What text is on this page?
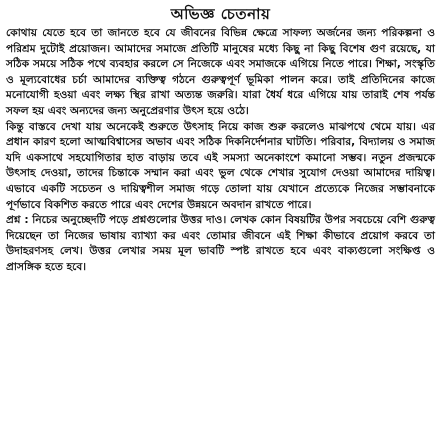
অভিজ্ঞ চেতনায়

কোথায় যেতে হবে তা জানতে হবে যে জীবনের বিভিন্ন ক্ষেত্রে সাফল্য অর্জনের জন্য পরিকল্পনা ও পরিশ্রম দুটোই প্রয়োজন। আমাদের সমাজে প্রতিটি মানুষের মধ্যে কিছু না কিছু বিশেষ গুণ রয়েছে, যা সঠিক সময়ে সঠিক পথে ব্যবহার করলে সে নিজেকে এবং সমাজকে এগিয়ে নিতে পারে। শিক্ষা, সংস্কৃতি ও মূল্যবোধের চর্চা আমাদের ব্যক্তিত্ব গঠনে গুরুত্বপূর্ণ ভূমিকা পালন করে। তাই প্রতিদিনের কাজে মনোযোগী হওয়া এবং লক্ষ্য স্থির রাখা অত্যন্ত জরুরি। যারা ধৈর্য ধরে এগিয়ে যায় তারাই শেষ পর্যন্ত সফল হয় এবং অন্যদের জন্য অনুপ্রেরণার উৎস হয়ে ওঠে।

কিন্তু বাস্তবে দেখা যায় অনেকেই শুরুতে উৎসাহ নিয়ে কাজ শুরু করলেও মাঝপথে থেমে যায়। এর প্রধান কারণ হলো আত্মবিশ্বাসের অভাব এবং সঠিক দিকনির্দেশনার ঘাটতি। পরিবার, বিদ্যালয় ও সমাজ যদি একসাথে সহযোগিতার হাত বাড়ায় তবে এই সমস্যা অনেকাংশে কমানো সম্ভব। নতুন প্রজন্মকে উৎসাহ দেওয়া, তাদের চিন্তাকে সম্মান করা এবং ভুল থেকে শেখার সুযোগ দেওয়া আমাদের দায়িত্ব। এভাবে একটি সচেতন ও দায়িত্বশীল সমাজ গড়ে তোলা যায় যেখানে প্রত্যেকে নিজের সম্ভাবনাকে পূর্ণভাবে বিকশিত করতে পারে এবং দেশের উন্নয়নে অবদান রাখতে পারে।

প্রশ্ন : নিচের অনুচ্ছেদটি পড়ে প্রশ্নগুলোর উত্তর দাও। লেখক কোন বিষয়টির উপর সবচেয়ে বেশি গুরুত্ব দিয়েছেন তা নিজের ভাষায় ব্যাখ্যা কর এবং তোমার জীবনে এই শিক্ষা কীভাবে প্রয়োগ করবে তা উদাহরণসহ লেখ। উত্তর লেখার সময় মূল ভাবটি স্পষ্ট রাখতে হবে এবং বাক্যগুলো সংক্ষিপ্ত ও প্রাসঙ্গিক হতে হবে।
